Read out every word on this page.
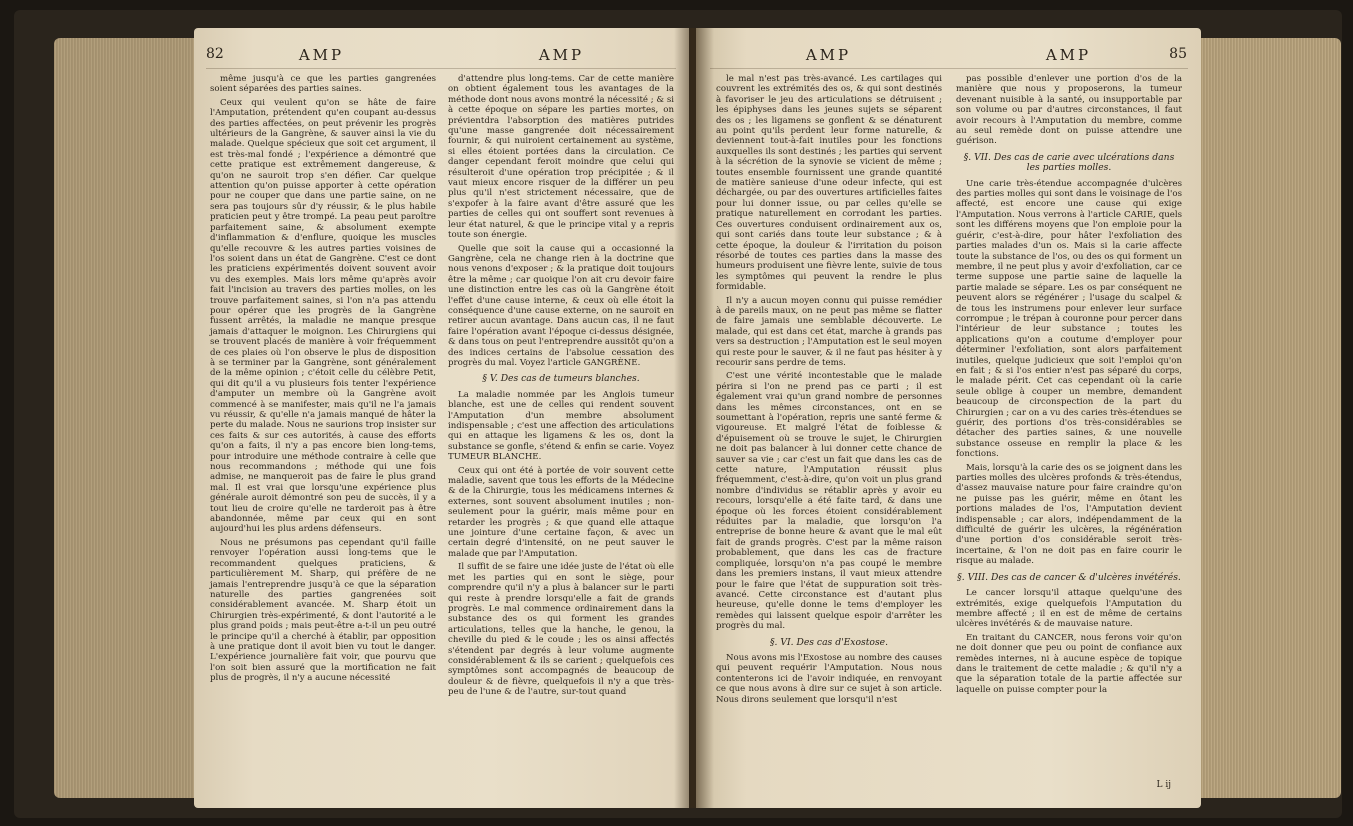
82	AMP	AMP

même jusqu'à ce que les parties gangrenées soient séparées des parties saines.

Ceux qui veulent qu'on se hâte de faire l'Amputation, prétendent qu'en coupant au-dessus des parties affectées, on peut prévenir les progrès ultérieurs de la Gangrène, & sauver ainsi la vie du malade. Quelque spécieux que soit cet argument, il est très-mal fondé ; l'expérience a démontré que cette pratique est extrêmement dangereuse, & qu'on ne sauroit trop s'en défier. Car quelque attention qu'on puisse apporter à cette opération pour ne couper que dans une partie saine, on ne sera pas toujours sûr d'y réussir, & le plus habile praticien peut y être trompé. La peau peut paroître parfaitement saine, & absolument exempte d'inflammation & d'enflure, quoique les muscles qu'elle recouvre & les autres parties voisines de l'os soient dans un état de Gangrène. C'est ce dont les praticiens expérimentés doivent souvent avoir vu des exemples. Mais lors même qu'après avoir fait l'incision au travers des parties molles, on les trouve parfaitement saines, si l'on n'a pas attendu pour opérer que les progrès de la Gangrène fussent arrêtés, la maladie ne manque presque jamais d'attaquer le moignon. Les Chirurgiens qui se trouvent placés de manière à voir fréquemment de ces plaies où l'on observe le plus de disposition à se terminer par la Gangrène, sont généralement de la même opinion ; c'étoit celle du célèbre Petit, qui dit qu'il a vu plusieurs fois tenter l'expérience d'amputer un membre où la Gangrène avoit commencé à se manifester, mais qu'il ne l'a jamais vu réussir, & qu'elle n'a jamais manqué de hâter la perte du malade. Nous ne saurions trop insister sur ces faits & sur ces autorités, à cause des efforts qu'on a faits, il n'y a pas encore bien long-tems, pour introduire une méthode contraire à celle que nous recommandons ; méthode qui une fois admise, ne manqueroit pas de faire le plus grand mal. Il est vrai que lorsqu'une expérience plus générale auroit démontré son peu de succès, il y a tout lieu de croire qu'elle ne tarderoit pas à être abandonnée, même par ceux qui en sont aujourd'hui les plus ardens défenseurs.

Nous ne présumons pas cependant qu'il faille renvoyer l'opération aussi long-tems que le recommandent quelques praticiens, & particulièrement M. Sharp, qui préfère de ne jamais l'entreprendre jusqu'à ce que la séparation naturelle des parties gangrenées soit considérablement avancée. M. Sharp étoit un Chirurgien très-expérimenté, & dont l'autorité a le plus grand poids ; mais peut-être a-t-il un peu outré le principe qu'il a cherché à établir, par opposition à une pratique dont il avoit bien vu tout le danger. L'expérience journalière fait voir, que pourvu que l'on soit bien assuré que la mortification ne fait plus de progrès, il n'y a aucune nécessité

d'attendre plus long-tems. Car de cette manière on obtient également tous les avantages de la méthode dont nous avons montré la nécessité ; & si à cette époque on sépare les parties mortes, on prévientdra l'absorption des matières putrides qu'une masse gangrenée doit nécessairement fournir, & qui nuiroient certainement au système, si elles étoient portées dans la circulation. Ce danger cependant feroit moindre que celui qui résulteroit d'une opération trop précipitée ; & il vaut mieux encore risquer de la différer un peu plus qu'il n'est strictement nécessaire, que de s'expofer à la faire avant d'être assuré que les parties de celles qui ont souffert sont revenues à leur état naturel, & que le principe vital y a repris toute son énergie.

Quelle que soit la cause qui a occasionné la Gangrène, cela ne change rien à la doctrine que nous venons d'exposer ; & la pratique doit toujours être la même ; car quoique l'on ait cru devoir faire une distinction entre les cas où la Gangrène étoit l'effet d'une cause interne, & ceux où elle étoit la conséquence d'une cause externe, on ne sauroit en retirer aucun avantage. Dans aucun cas, il ne faut faire l'opération avant l'époque ci-dessus désignée, & dans tous on peut l'entreprendre aussitôt qu'on a des indices certains de l'absolue cessation des progrès du mal. Voyez l'article GANGRÈNE.

§ V. Des cas de tumeurs blanches.

La maladie nommée par les Anglois tumeur blanche, est une de celles qui rendent souvent l'Amputation d'un membre absolument indispensable ; c'est une affection des articulations qui en attaque les ligamens & les os, dont la substance se gonfle, s'étend & enfin se carie. Voyez TUMEUR BLANCHE.

Ceux qui ont été à portée de voir souvent cette maladie, savent que tous les efforts de la Médecine & de la Chirurgie, tous les médicamens internes & externes, sont souvent absolument inutiles ; non-seulement pour la guérir, mais même pour en retarder les progrès ; & que quand elle attaque une jointure d'une certaine façon, & avec un certain degré d'intensité, on ne peut sauver le malade que par l'Amputation.

Il suffit de se faire une idée juste de l'état où elle met les parties qui en sont le siège, pour comprendre qu'il n'y a plus à balancer sur le parti qui reste à prendre lorsqu'elle a fait de grands progrès. Le mal commence ordinairement dans la substance des os qui forment les grandes articulations, telles que la hanche, le genou, la cheville du pied & le coude ; les os ainsi affectés s'étendent par degrés à leur volume augmente considérablement & ils se carient ; quelquefois ces symptômes sont accompagnés de beaucoup de douleur & de fièvre, quelquefois il n'y a que très-peu de l'une & de l'autre, sur-tout quand

AMP	AMP	85

le mal n'est pas très-avancé. Les cartilages qui couvrent les extrémités des os, & qui sont destinés à favoriser le jeu des articulations se détruisent ; les épiphyses dans les jeunes sujets se séparent des os ; les ligamens se gonflent & se dénaturent au point qu'ils perdent leur forme naturelle, & deviennent tout-à-fait inutiles pour les fonctions auxquelles ils sont destinés ; les parties qui servent à la sécrétion de la synovie se vicient de même ; toutes ensemble fournissent une grande quantité de matière sanieuse d'une odeur infecte, qui est déchargée, ou par des ouvertures artificielles faites pour lui donner issue, ou par celles qu'elle se pratique naturellement en corrodant les parties. Ces ouvertures conduisent ordinairement aux os, qui sont cariés dans toute leur substance ; & à cette époque, la douleur & l'irritation du poison résorbé de toutes ces parties dans la masse des humeurs produisent une fièvre lente, suivie de tous les symptômes qui peuvent la rendre le plus formidable.

Il n'y a aucun moyen connu qui puisse remédier à de pareils maux, on ne peut pas même se flatter de faire jamais une semblable découverte. Le malade, qui est dans cet état, marche à grands pas vers sa destruction ; l'Amputation est le seul moyen qui reste pour le sauver, & il ne faut pas hésiter à y recourir sans perdre de tems.

C'est une vérité incontestable que le malade périra si l'on ne prend pas ce parti ; il est également vrai qu'un grand nombre de personnes dans les mêmes circonstances, ont en se soumettant à l'opération, repris une santé ferme & vigoureuse. Et malgré l'état de foiblesse & d'épuisement où se trouve le sujet, le Chirurgien ne doit pas balancer à lui donner cette chance de sauver sa vie ; car c'est un fait que dans les cas de cette nature, l'Amputation réussit plus fréquemment, c'est-à-dire, qu'on voit un plus grand nombre d'individus se rétablir après y avoir eu recours, lorsqu'elle a été faite tard, & dans une époque où les forces étoient considérablement réduites par la maladie, que lorsqu'on l'a entreprise de bonne heure & avant que le mal eût fait de grands progrès. C'est par la même raison probablement, que dans les cas de fracture compliquée, lorsqu'on n'a pas coupé le membre dans les premiers instans, il vaut mieux attendre pour le faire que l'état de suppuration soit très-avancé. Cette circonstance est d'autant plus heureuse, qu'elle donne le tems d'employer les remèdes qui laissent quelque espoir d'arrêter les progrès du mal.

§. VI. Des cas d'Exostose.

Nous avons mis l'Exostose au nombre des causes qui peuvent requérir l'Amputation. Nous nous contenterons ici de l'avoir indiquée, en renvoyant ce que nous avons à dire sur ce sujet à son article. Nous dirons seulement que lorsqu'il n'est

pas possible d'enlever une portion d'os de la manière que nous y proposerons, la tumeur devenant nuisible à la santé, ou insupportable par son volume ou par d'autres circonstances, il faut avoir recours à l'Amputation du membre, comme au seul remède dont on puisse attendre une guérison.

§. VII. Des cas de carie avec ulcérations dans les parties molles.

Une carie très-étendue accompagnée d'ulcères des parties molles qui sont dans le voisinage de l'os affecté, est encore une cause qui exige l'Amputation. Nous verrons à l'article CARIE, quels sont les différens moyens que l'on emploie pour la guérir, c'est-à-dire, pour hâter l'exfoliation des parties malades d'un os. Mais si la carie affecte toute la substance de l'os, ou des os qui forment un membre, il ne peut plus y avoir d'exfoliation, car ce terme suppose une partie saine de laquelle la partie malade se sépare. Les os par conséquent ne peuvent alors se régénérer ; l'usage du scalpel & de tous les instrumens pour enlever leur surface corrompue ; le trépan à couronne pour percer dans l'intérieur de leur substance ; toutes les applications qu'on a coutume d'employer pour déterminer l'exfoliation, sont alors parfaitement inutiles, quelque judicieux que soit l'emploi qu'on en fait ; & si l'os entier n'est pas séparé du corps, le malade périt. Cet cas cependant où la carie seule oblige à couper un membre, demandent beaucoup de circonspection de la part du Chirurgien ; car on a vu des caries très-étendues se guérir, des portions d'os très-considérables se détacher des parties saines, & une nouvelle substance osseuse en remplir la place & les fonctions.

Mais, lorsqu'à la carie des os se joignent dans les parties molles des ulcères profonds & très-étendus, d'assez mauvaise nature pour faire craindre qu'on ne puisse pas les guérir, même en ôtant les portions malades de l'os, l'Amputation devient indispensable ; car alors, indépendamment de la difficulté de guérir les ulcères, la régénération d'une portion d'os considérable seroit très-incertaine, & l'on ne doit pas en faire courir le risque au malade.

§. VIII. Des cas de cancer & d'ulcères invétérés.

Le cancer lorsqu'il attaque quelqu'une des extrémités, exige quelquefois l'Amputation du membre affecté ; il en est de même de certains ulcères invétérés & de mauvaise nature.

En traitant du CANCER, nous ferons voir qu'on ne doit donner que peu ou point de confiance aux remèdes internes, ni à aucune espèce de topique dans le traitement de cette maladie ; & qu'il n'y a que la séparation totale de la partie affectée sur laquelle on puisse compter pour la

L ij
